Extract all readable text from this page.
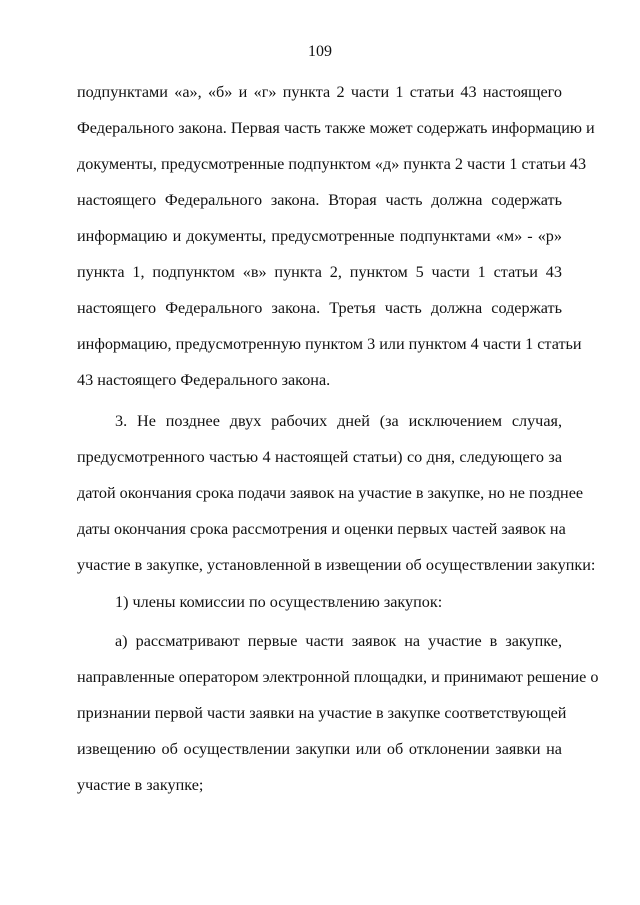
109
подпунктами «а», «б» и «г» пункта 2 части 1 статьи 43 настоящего
Федерального закона. Первая часть также может содержать информацию и
документы, предусмотренные подпунктом «д» пункта 2 части 1 статьи 43
настоящего Федерального закона. Вторая часть должна содержать
информацию и документы, предусмотренные подпунктами «м» - «р»
пункта 1, подпунктом «в» пункта 2, пунктом 5 части 1 статьи 43
настоящего Федерального закона. Третья часть должна содержать
информацию, предусмотренную пунктом 3 или пунктом 4 части 1 статьи
43 настоящего Федерального закона.
3. Не позднее двух рабочих дней (за исключением случая,
предусмотренного частью 4 настоящей статьи) со дня, следующего за
датой окончания срока подачи заявок на участие в закупке, но не позднее
даты окончания срока рассмотрения и оценки первых частей заявок на
участие в закупке, установленной в извещении об осуществлении закупки:
1) члены комиссии по осуществлению закупок:
а) рассматривают первые части заявок на участие в закупке,
направленные оператором электронной площадки, и принимают решение о
признании первой части заявки на участие в закупке соответствующей
извещению об осуществлении закупки или об отклонении заявки на
участие в закупке;
